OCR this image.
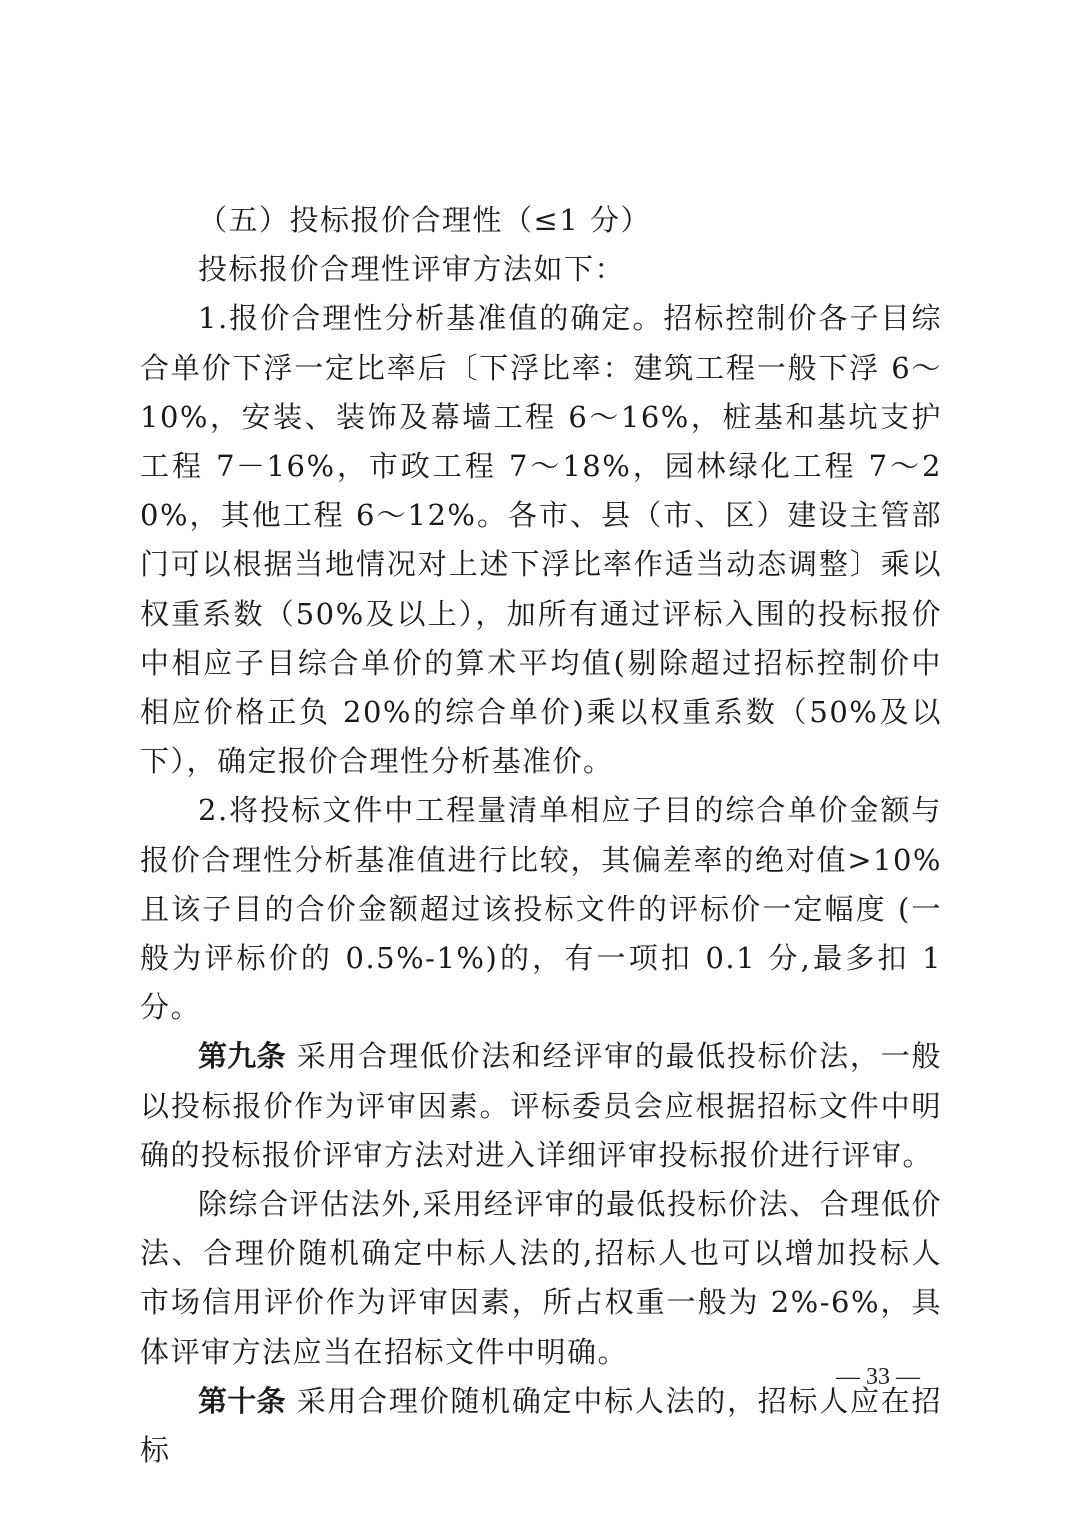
（五）投标报价合理性（≤1 分）

投标报价合理性评审方法如下：

1.报价合理性分析基准值的确定。招标控制价各子目综合单价下浮一定比率后〔下浮比率：建筑工程一般下浮 6～10%，安装、装饰及幕墙工程 6～16%，桩基和基坑支护工程 7－16%，市政工程 7～18%，园林绿化工程 7～20%，其他工程 6～12%。各市、县（市、区）建设主管部门可以根据当地情况对上述下浮比率作适当动态调整〕乘以权重系数（50%及以上），加所有通过评标入围的投标报价中相应子目综合单价的算术平均值(剔除超过招标控制价中相应价格正负 20%的综合单价)乘以权重系数（50%及以下），确定报价合理性分析基准价。

2.将投标文件中工程量清单相应子目的综合单价金额与报价合理性分析基准值进行比较，其偏差率的绝对值>10%且该子目的合价金额超过该投标文件的评标价一定幅度 (一般为评标价的 0.5%-1%)的，有一项扣 0.1 分,最多扣 1 分。

第九条 采用合理低价法和经评审的最低投标价法，一般以投标报价作为评审因素。评标委员会应根据招标文件中明确的投标报价评审方法对进入详细评审投标报价进行评审。

除综合评估法外,采用经评审的最低投标价法、合理低价法、合理价随机确定中标人法的,招标人也可以增加投标人市场信用评价作为评审因素，所占权重一般为 2%-6%，具体评审方法应当在招标文件中明确。

第十条 采用合理价随机确定中标人法的，招标人应在招标

— 33 —
